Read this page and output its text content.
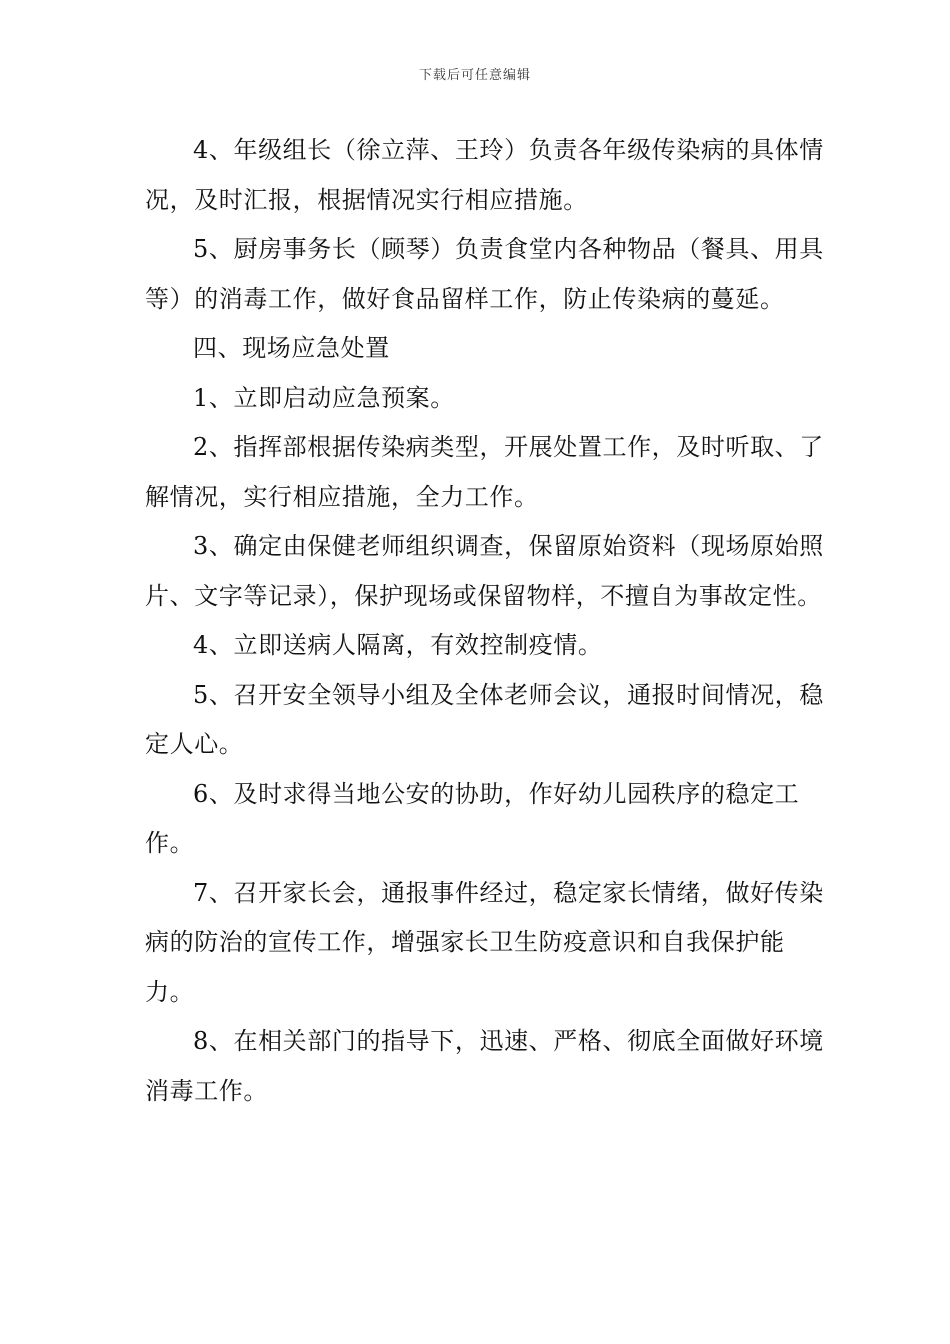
下载后可任意编辑

4、年级组长（徐立萍、王玲）负责各年级传染病的具体情况，及时汇报，根据情况实行相应措施。

5、厨房事务长（顾琴）负责食堂内各种物品（餐具、用具等）的消毒工作，做好食品留样工作，防止传染病的蔓延。

四、现场应急处置

1、立即启动应急预案。

2、指挥部根据传染病类型，开展处置工作，及时听取、了解情况，实行相应措施，全力工作。

3、确定由保健老师组织调查，保留原始资料（现场原始照片、文字等记录），保护现场或保留物样，不擅自为事故定性。

4、立即送病人隔离，有效控制疫情。

5、召开安全领导小组及全体老师会议，通报时间情况，稳定人心。

6、及时求得当地公安的协助，作好幼儿园秩序的稳定工作。

7、召开家长会，通报事件经过，稳定家长情绪，做好传染病的防治的宣传工作，增强家长卫生防疫意识和自我保护能力。

8、在相关部门的指导下，迅速、严格、彻底全面做好环境消毒工作。
